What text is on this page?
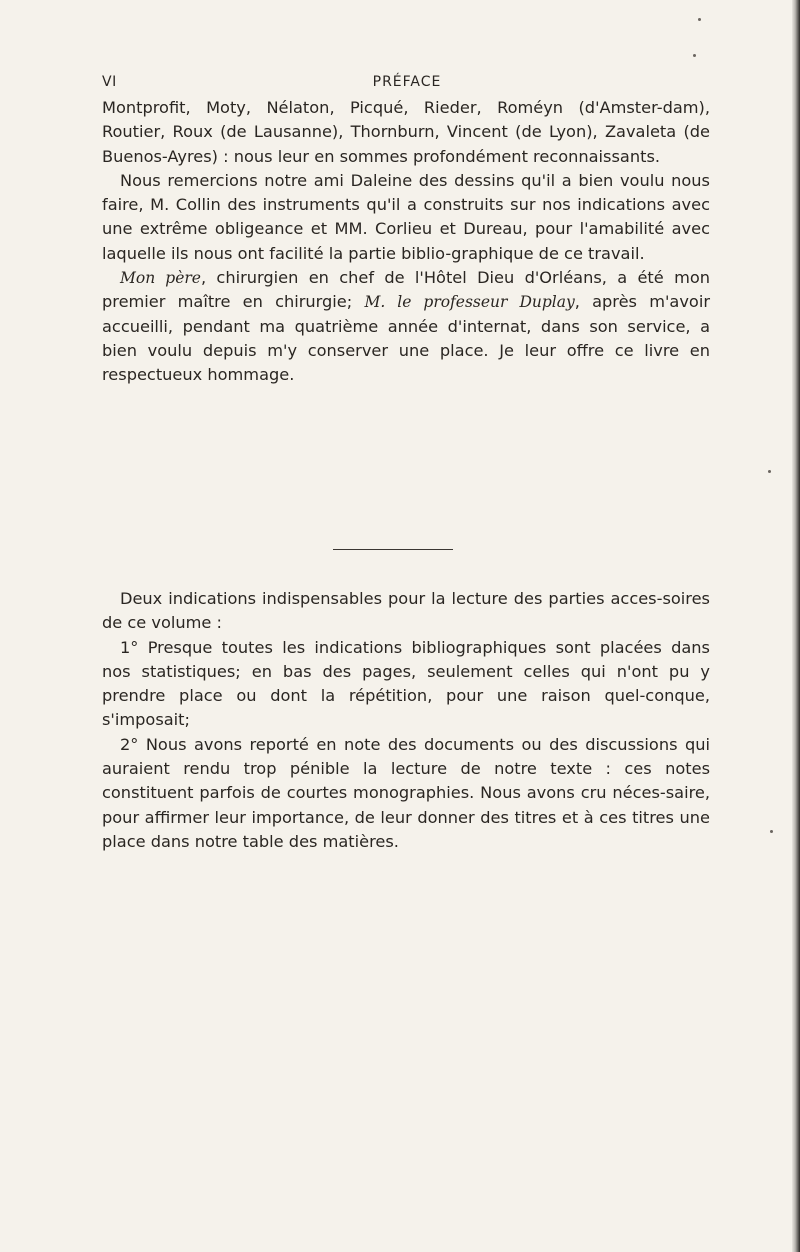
VI	PRÉFACE

Montprofit, Moty, Nélaton, Picqué, Rieder, Roméyn (d'Amster-dam), Routier, Roux (de Lausanne), Thornburn, Vincent (de Lyon), Zavaleta (de Buenos-Ayres) : nous leur en sommes profondément reconnaissants.

Nous remercions notre ami Daleine des dessins qu'il a bien voulu nous faire, M. Collin des instruments qu'il a construits sur nos indications avec une extrême obligeance et MM. Corlieu et Dureau, pour l'amabilité avec laquelle ils nous ont facilité la partie biblio-graphique de ce travail.

Mon père, chirurgien en chef de l'Hôtel Dieu d'Orléans, a été mon premier maître en chirurgie; M. le professeur Duplay, après m'avoir accueilli, pendant ma quatrième année d'internat, dans son service, a bien voulu depuis m'y conserver une place. Je leur offre ce livre en respectueux hommage.

Deux indications indispensables pour la lecture des parties acces-soires de ce volume :

1° Presque toutes les indications bibliographiques sont placées dans nos statistiques; en bas des pages, seulement celles qui n'ont pu y prendre place ou dont la répétition, pour une raison quel-conque, s'imposait;

2° Nous avons reporté en note des documents ou des discussions qui auraient rendu trop pénible la lecture de notre texte : ces notes constituent parfois de courtes monographies. Nous avons cru néces-saire, pour affirmer leur importance, de leur donner des titres et à ces titres une place dans notre table des matières.
